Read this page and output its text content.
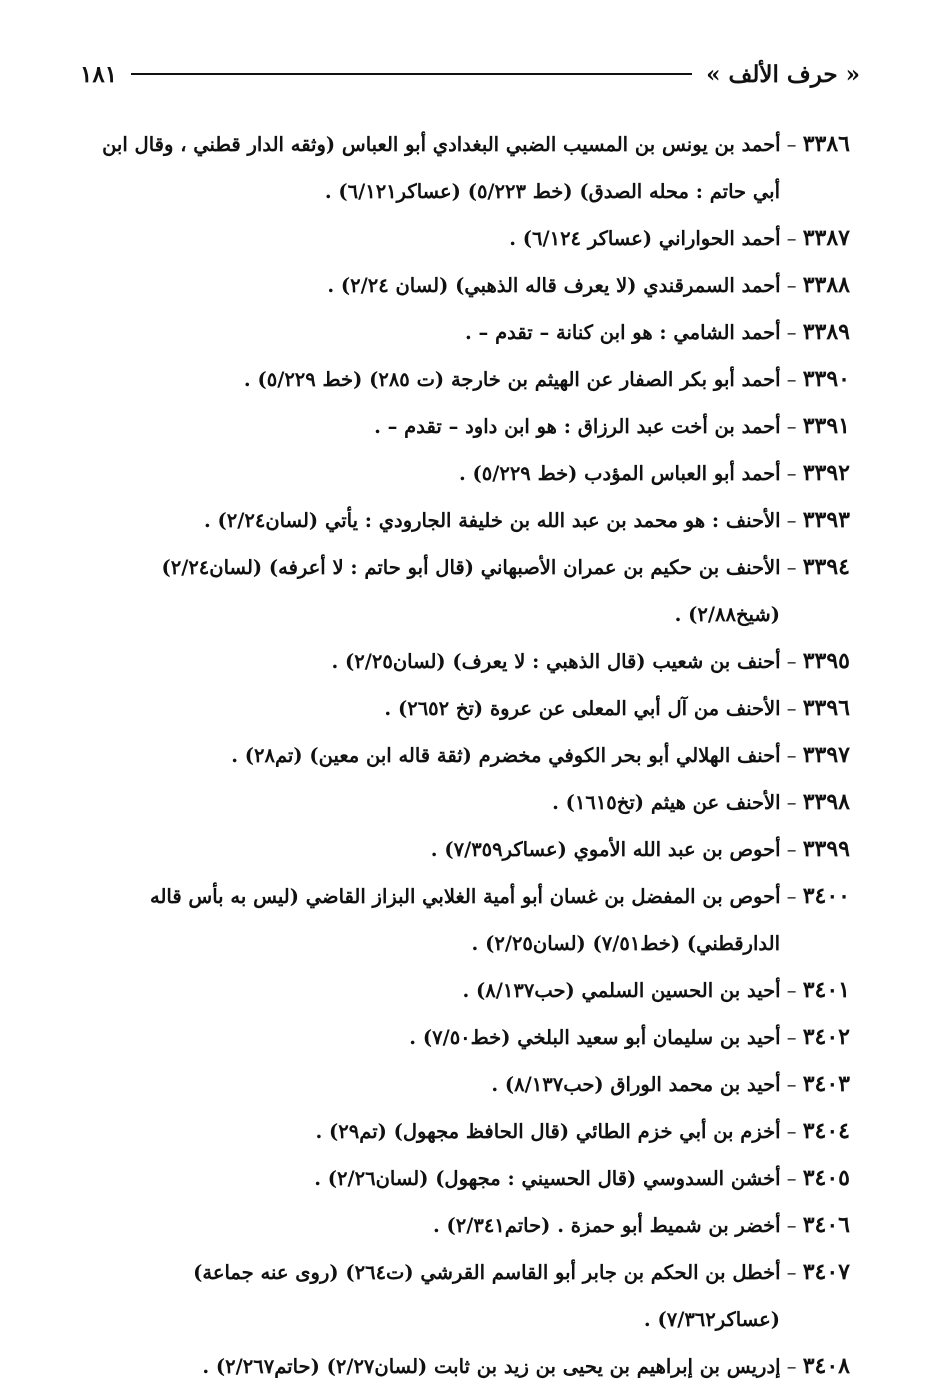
« حرف الألف »
١٨١
٣٣٨٦ – أحمد بن يونس بن المسيب الضبي البغدادي أبو العباس (وثقه الدار قطني ، وقال ابن أبي حاتم : محله الصدق) (خط ٥/٢٢٣) (عساكر٦/١٢١) .
٣٣٨٧ – أحمد الحواراني (عساكر ٦/١٢٤) .
٣٣٨٨ – أحمد السمرقندي (لا يعرف قاله الذهبي) (لسان ٢/٢٤) .
٣٣٨٩ – أحمد الشامي : هو ابن كنانة – تقدم – .
٣٣٩٠ – أحمد أبو بكر الصفار عن الهيثم بن خارجة (ت ٢٨٥) (خط ٥/٢٢٩) .
٣٣٩١ – أحمد بن أخت عبد الرزاق : هو ابن داود – تقدم – .
٣٣٩٢ – أحمد أبو العباس المؤدب (خط ٥/٢٢٩) .
٣٣٩٣ – الأحنف : هو محمد بن عبد الله بن خليفة الجارودي : يأتي (لسان٢/٢٤) .
٣٣٩٤ – الأحنف بن حكيم بن عمران الأصبهاني (قال أبو حاتم : لا أعرفه) (لسان٢/٢٤) (شيخ٢/٨٨) .
٣٣٩٥ – أحنف بن شعيب (قال الذهبي : لا يعرف) (لسان٢/٢٥) .
٣٣٩٦ – الأحنف من آل أبي المعلى عن عروة (تخ ٢٦٥٢) .
٣٣٩٧ – أحنف الهلالي أبو بحر الكوفي مخضرم (ثقة قاله ابن معين) (تم٢٨) .
٣٣٩٨ – الأحنف عن هيثم (تخ١٦١٥) .
٣٣٩٩ – أحوص بن عبد الله الأموي (عساكر٧/٣٥٩) .
٣٤٠٠ – أحوص بن المفضل بن غسان أبو أمية الغلابي البزاز القاضي (ليس به بأس قاله الدارقطني) (خط٧/٥١) (لسان٢/٢٥) .
٣٤٠١ – أحيد بن الحسين السلمي (حب٨/١٣٧) .
٣٤٠٢ – أحيد بن سليمان أبو سعيد البلخي (خط٧/٥٠) .
٣٤٠٣ – أحيد بن محمد الوراق (حب٨/١٣٧) .
٣٤٠٤ – أخزم بن أبي خزم الطائي (قال الحافظ مجهول) (تم٢٩) .
٣٤٠٥ – أخشن السدوسي (قال الحسيني : مجهول) (لسان٢/٢٦) .
٣٤٠٦ – أخضر بن شميط أبو حمزة . (حاتم٢/٣٤١) .
٣٤٠٧ – أخطل بن الحكم بن جابر أبو القاسم القرشي (ت٢٦٤) (روى عنه جماعة) (عساكر٧/٣٦٢) .
٣٤٠٨ – إدريس بن إبراهيم بن يحيى بن زيد بن ثابت (لسان٢/٢٧) (حاتم٢/٢٦٧) .
